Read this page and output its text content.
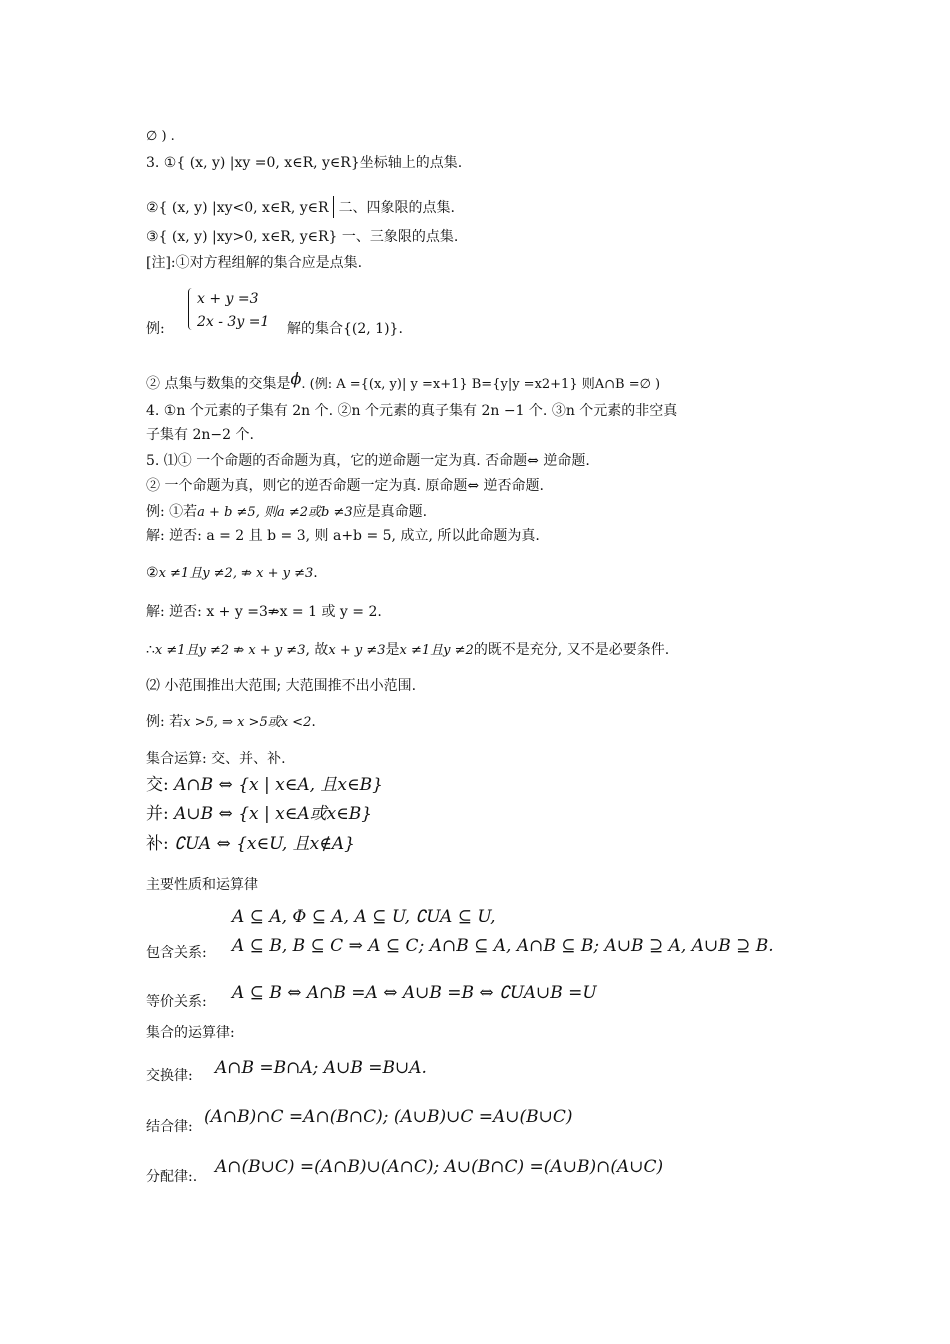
∅ ) .
3. ①{ (x, y) |xy =0, x∈R, y∈R}坐标轴上的点集.
②{ (x, y) |xy<0, x∈R, y∈R 二、四象限的点集.
③{ (x, y) |xy>0, x∈R, y∈R} 一、三象限的点集.
[注]:①对方程组解的集合应是点集.
例:
x + y =3
2x - 3y =1 解的集合{(2, 1)}.
② 点集与数集的交集是ϕ. (例: A ={(x, y)| y =x+1} B={y|y =x2+1} 则A∩B =∅ )
4. ①n 个元素的子集有 2n 个. ②n 个元素的真子集有 2n −1 个. ③n 个元素的非空真
子集有 2n−2 个.
5. ⑴① 一个命题的否命题为真，它的逆命题一定为真. 否命题⇔ 逆命题.
② 一个命题为真，则它的逆否命题一定为真. 原命题⇔ 逆否命题.
例: ①若a + b ≠5, 则a ≠2或b ≠3应是真命题.
解: 逆否: a = 2 且 b = 3, 则 a+b = 5, 成立, 所以此命题为真.
②x ≠1且y ≠2, ⇏ x + y ≠3.
解: 逆否: x + y =3⇏x = 1 或 y = 2.
∴x ≠1且y ≠2 ⇏ x + y ≠3, 故x + y ≠3是x ≠1且y ≠2的既不是充分, 又不是必要条件.
⑵ 小范围推出大范围; 大范围推不出小范围.
例: 若x >5, ⇒ x >5或x <2.
集合运算: 交、并、补.
交: A∩B ⇔ {x | x∈A, 且x∈B}
并: A∪B ⇔ {x | x∈A或x∈B}
补: ∁UA ⇔ {x∈U, 且x∉A}
主要性质和运算律
A ⊆ A, Φ ⊆ A, A ⊆ U, ∁UA ⊆ U,
包含关系: A ⊆ B, B ⊆ C ⇒ A ⊆ C; A∩B ⊆ A, A∩B ⊆ B; A∪B ⊇ A, A∪B ⊇ B.
等价关系: A ⊆ B ⇔ A∩B =A ⇔ A∪B =B ⇔ ∁UA∪B =U
集合的运算律:
交换律: A∩B =B∩A; A∪B =B∪A.
结合律: (A∩B)∩C =A∩(B∩C); (A∪B)∪C =A∪(B∪C)
分配律:. A∩(B∪C) =(A∩B)∪(A∩C); A∪(B∩C) =(A∪B)∩(A∪C)
